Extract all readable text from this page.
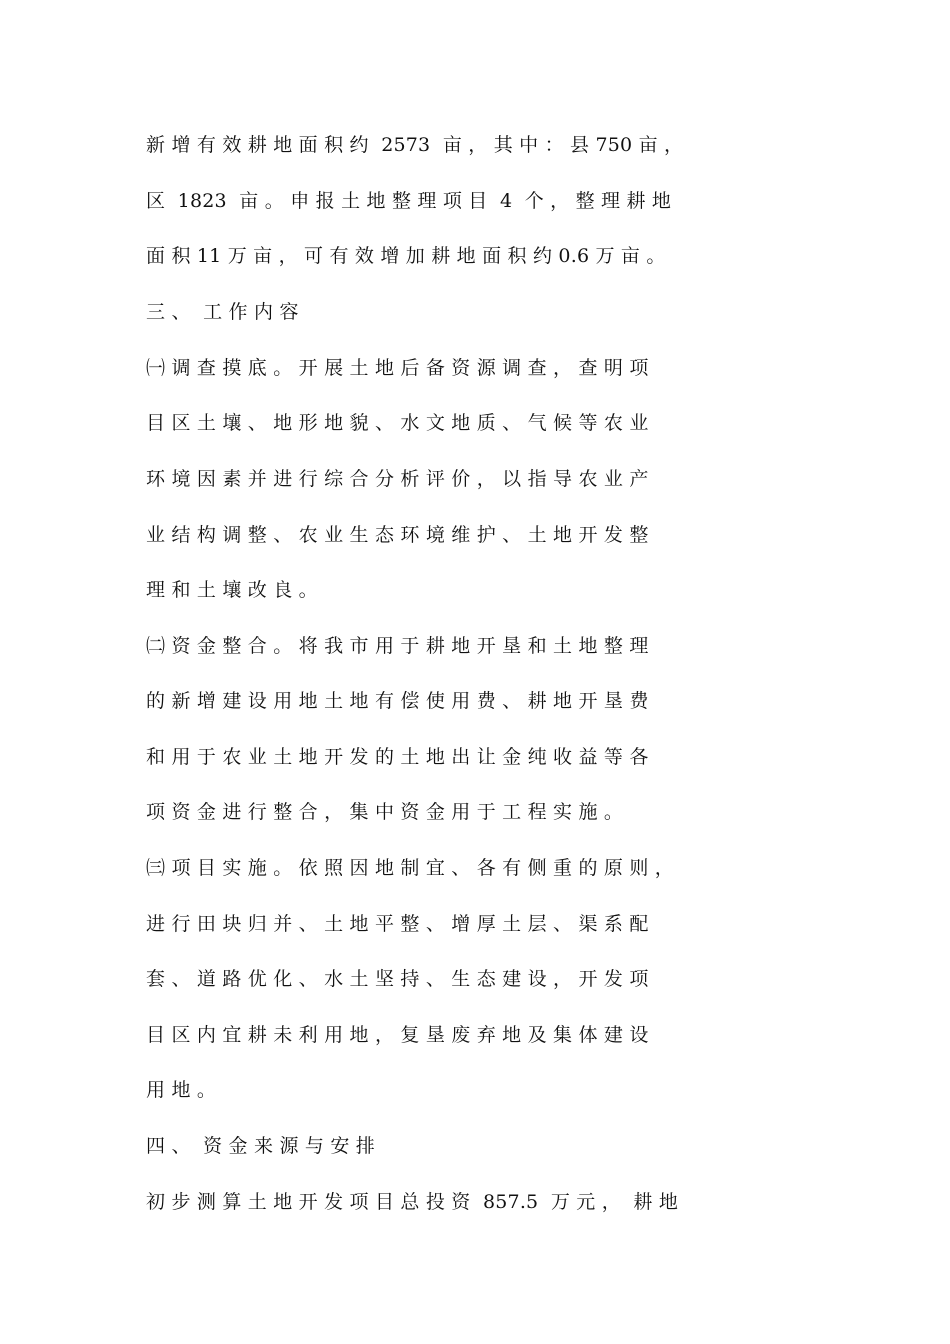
新 增 有 效 耕 地 面 积 约  2573  亩 ， 其 中 ： 县 750 亩 ，
区  1823  亩 。 申 报 土 地 整 理 项 目  4  个 ， 整 理 耕 地
面 积 11 万 亩 ， 可 有 效 增 加 耕 地 面 积 约 0.6 万 亩 。
三 、  工 作 内 容
㈠ 调 查 摸 底 。 开 展 土 地 后 备 资 源 调 查 ， 查 明 项
目 区 土 壤 、 地 形 地 貌 、 水 文 地 质 、 气 候 等 农 业
环 境 因 素 并 进 行 综 合 分 析 评 价 ， 以 指 导 农 业 产
业 结 构 调 整 、 农 业 生 态 环 境 维 护 、 土 地 开 发 整
理 和 土 壤 改 良 。
㈡ 资 金 整 合 。 将 我 市 用 于 耕 地 开 垦 和 土 地 整 理
的 新 增 建 设 用 地 土 地 有 偿 使 用 费 、 耕 地 开 垦 费
和 用 于 农 业 土 地 开 发 的 土 地 出 让 金 纯 收 益 等 各
项 资 金 进 行 整 合 ， 集 中 资 金 用 于 工 程 实 施 。
㈢ 项 目 实 施 。 依 照 因 地 制 宜 、 各 有 侧 重 的 原 则 ，
进 行 田 块 归 并 、 土 地 平 整 、 增 厚 土 层 、 渠 系 配
套 、 道 路 优 化 、 水 土 坚 持 、 生 态 建 设 ， 开 发 项
目 区 内 宜 耕 未 利 用 地 ， 复 垦 废 弃 地 及 集 体 建 设
用 地 。
四 、  资 金 来 源 与 安 排
初 步 测 算 土 地 开 发 项 目 总 投 资  857.5  万 元 ，  耕 地
